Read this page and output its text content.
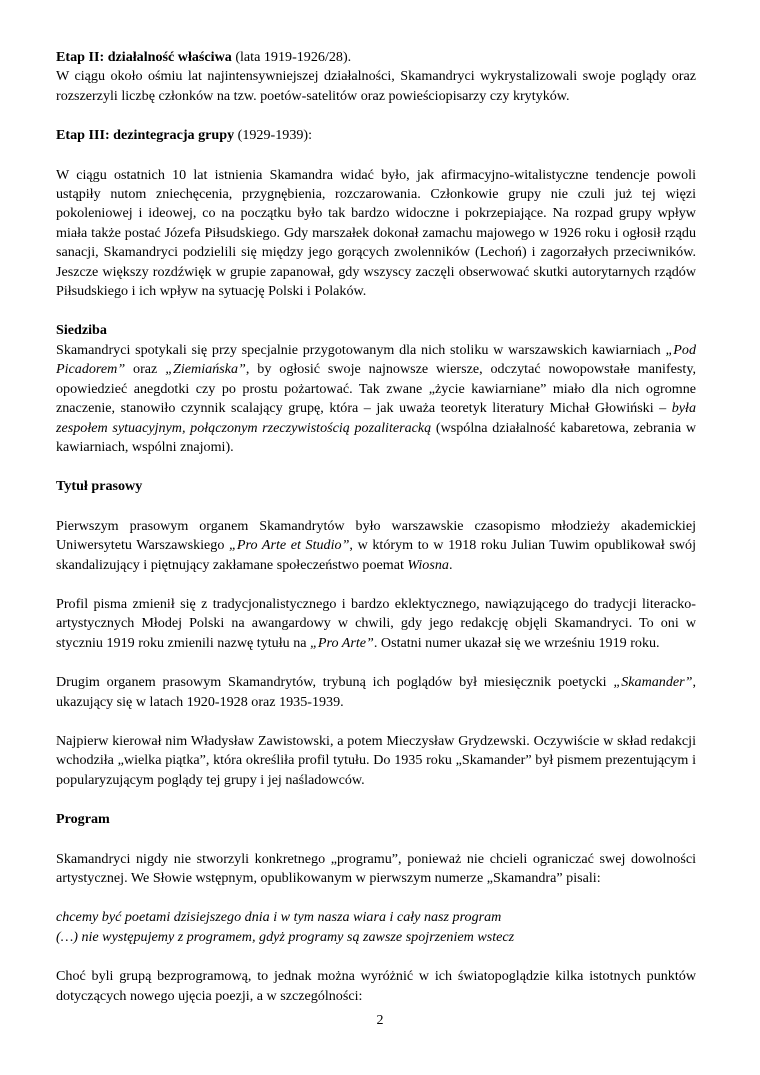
Etap II: działalność właściwa (lata 1919-1926/28).

W ciągu około ośmiu lat najintensywniejszej działalności, Skamandryci wykrystalizowali swoje poglądy oraz rozszerzyli liczbę członków na tzw. poetów-satelitów oraz powieściopisarzy czy krytyków.

Etap III: dezintegracja grupy (1929-1939):

W ciągu ostatnich 10 lat istnienia Skamandra widać było, jak afirmacyjno-witalistyczne tendencje powoli ustąpiły nutom zniechęcenia, przygnębienia, rozczarowania. Członkowie grupy nie czuli już tej więzi pokoleniowej i ideowej, co na początku było tak bardzo widoczne i pokrzepiające. Na rozpad grupy wpływ miała także postać Józefa Piłsudskiego. Gdy marszałek dokonał zamachu majowego w 1926 roku i ogłosił rządu sanacji, Skamandryci podzielili się między jego gorących zwolenników (Lechoń) i zagorzałych przeciwników. Jeszcze większy rozdźwięk w grupie zapanował, gdy wszyscy zaczęli obserwować skutki autorytarnych rządów Piłsudskiego i ich wpływ na sytuację Polski i Polaków.

Siedziba

Skamandryci spotykali się przy specjalnie przygotowanym dla nich stoliku w warszawskich kawiarniach „Pod Picadorem” oraz „Ziemiańska”, by ogłosić swoje najnowsze wiersze, odczytać nowopowstałe manifesty, opowiedzieć anegdotki czy po prostu pożartować. Tak zwane „życie kawiarniane” miało dla nich ogromne znaczenie, stanowiło czynnik scalający grupę, która – jak uważa teoretyk literatury Michał Głowiński – była zespołem sytuacyjnym, połączonym rzeczywistością pozaliteracką (wspólna działalność kabaretowa, zebrania w kawiarniach, wspólni znajomi).

Tytuł prasowy

Pierwszym prasowym organem Skamandrytów było warszawskie czasopismo młodzieży akademickiej Uniwersytetu Warszawskiego „Pro Arte et Studio”, w którym to w 1918 roku Julian Tuwim opublikował swój skandalizujący i piętnujący zakłamane społeczeństwo poemat Wiosna.

Profil pisma zmienił się z tradycjonalistycznego i bardzo eklektycznego, nawiązującego do tradycji literacko-artystycznych Młodej Polski na awangardowy w chwili, gdy jego redakcję objęli Skamandryci. To oni w styczniu 1919 roku zmienili nazwę tytułu na „Pro Arte”. Ostatni numer ukazał się we wrześniu 1919 roku.

Drugim organem prasowym Skamandrytów, trybuną ich poglądów był miesięcznik poetycki „Skamander”, ukazujący się w latach 1920-1928 oraz 1935-1939.

Najpierw kierował nim Władysław Zawistowski, a potem Mieczysław Grydzewski. Oczywiście w skład redakcji wchodziła „wielka piątka”, która określiła profil tytułu. Do 1935 roku „Skamander” był pismem prezentującym i popularyzującym poglądy tej grupy i jej naśladowców.

Program

Skamandryci nigdy nie stworzyli konkretnego „programu”, ponieważ nie chcieli ograniczać swej dowolności artystycznej. We Słowie wstępnym, opublikowanym w pierwszym numerze „Skamandra” pisali:

chcemy być poetami dzisiejszego dnia i w tym nasza wiara i cały nasz program

(…) nie występujemy z programem, gdyż programy są zawsze spojrzeniem wstecz

Choć byli grupą bezprogramową, to jednak można wyróżnić w ich światopoglądzie kilka istotnych punktów dotyczących nowego ujęcia poezji, a w szczególności:

2
